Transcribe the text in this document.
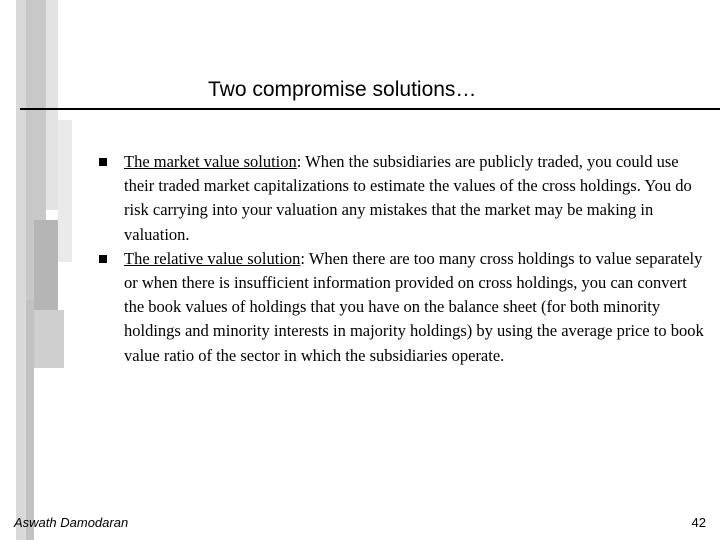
Two compromise solutions…
The market value solution: When the subsidiaries are publicly traded, you could use their traded market capitalizations to estimate the values of the cross holdings. You do risk carrying into your valuation any mistakes that the market may be making in valuation.
The relative value solution: When there are too many cross holdings to value separately or when there is insufficient information provided on cross holdings, you can convert the book values of holdings that you have on the balance sheet (for both minority holdings and minority interests in majority holdings) by using the average price to book value ratio of the sector in which the subsidiaries operate.
Aswath Damodaran	42
